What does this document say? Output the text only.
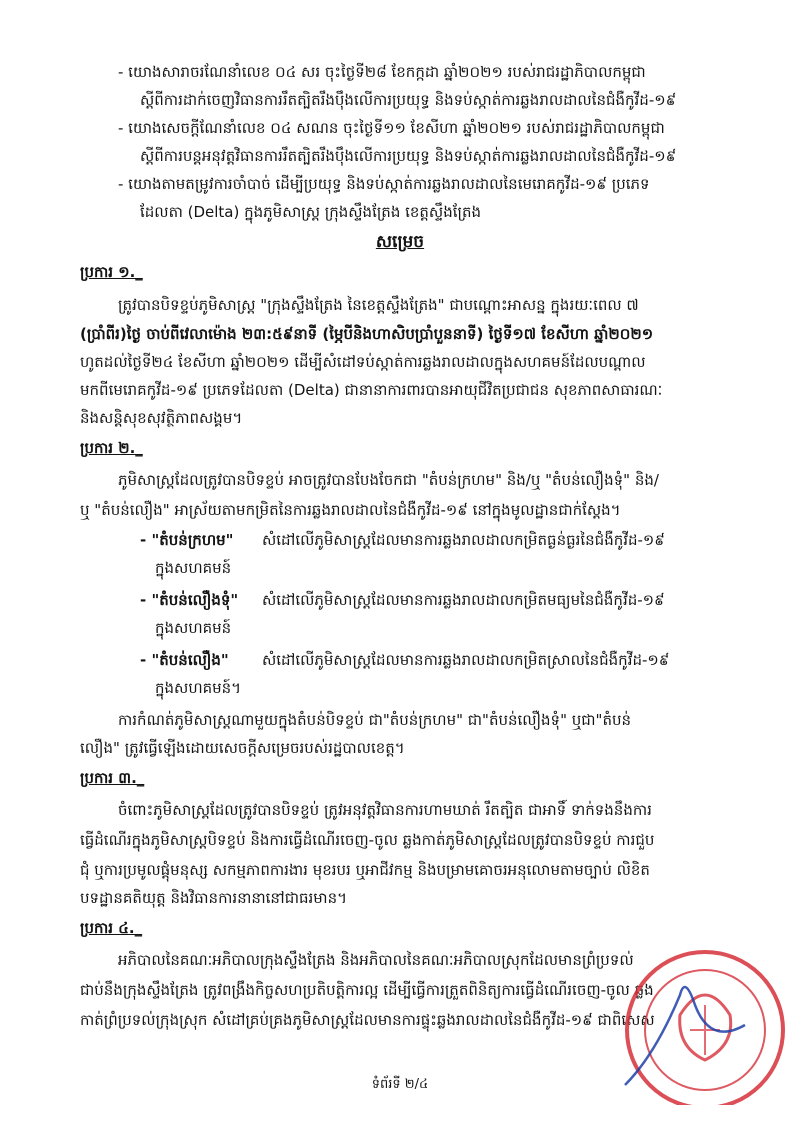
- យោងសារាចរណែនាំលេខ ០៤ សរ ចុះថ្ងៃទី២៨ ខែកក្កដា ឆ្នាំ២០២១ របស់រាជរដ្ឋាភិបាលកម្ពុជា
ស្តីពីការដាក់ចេញវិធានការរឹតត្បិតរឹងប៉ឹងលើការប្រយុទ្ធ និងទប់ស្កាត់ការឆ្លងរាលដាលនៃជំងឺកូវីដ-១៩
- យោងសេចក្តីណែនាំលេខ ០៤ សណន ចុះថ្ងៃទី១១ ខែសីហា ឆ្នាំ២០២១ របស់រាជរដ្ឋាភិបាលកម្ពុជា
ស្តីពីការបន្តអនុវត្តវិធានការរឹតត្បិតរឹងប៉ឹងលើការប្រយុទ្ធ និងទប់ស្កាត់ការឆ្លងរាលដាលនៃជំងឺកូវីដ-១៩
- យោងតាមតម្រូវការចាំបាច់ ដើម្បីប្រយុទ្ធ និងទប់ស្កាត់ការឆ្លងរាលដាលនៃមេរោគកូវីដ-១៩ ប្រភេទ
ដែលតា (Delta) ក្នុងភូមិសាស្ត្រ ក្រុងស្ទឹងត្រែង ខេត្តស្ទឹងត្រែង
សម្រេច
ប្រការ ១._
ត្រូវបានបិទខ្ទប់ភូមិសាស្ត្រ "ក្រុងស្ទឹងត្រែង នៃខេត្តស្ទឹងត្រែង" ជាបណ្តោះអាសន្ន ក្នុងរយៈពេល ៧
(ប្រាំពីរ)ថ្ងៃ ចាប់ពីវេលាម៉ោង ២៣:៥៩នាទី (ម្ភៃបីនិងហាសិបប្រាំបួននាទី) ថ្ងៃទី១៧ ខែសីហា ឆ្នាំ២០២១
ហូតដល់ថ្ងៃទី២៤ ខែសីហា ឆ្នាំ២០២១ ដើម្បីសំដៅទប់ស្កាត់ការឆ្លងរាលដាលក្នុងសហគមន៍ដែលបណ្តាល
មកពីមេរោគកូវីដ-១៩ ប្រភេទដែលតា (Delta) ជានានាការពារបានអាយុជីវិតប្រជាជន សុខភាពសាធារណៈ
និងសន្តិសុខសុវត្ថិភាពសង្គម។
ប្រការ ២._
ភូមិសាស្ត្រដែលត្រូវបានបិទខ្ទប់ អាចត្រូវបានបែងចែកជា "តំបន់ក្រហម" និង/ឬ "តំបន់លឿងទុំ" និង/
ឬ "តំបន់លឿង" អាស្រ័យតាមកម្រិតនៃការឆ្លងរាលដាលនៃជំងឺកូវីដ-១៩ នៅក្នុងមូលដ្ឋានជាក់ស្តែង។
- "តំបន់ក្រហម" សំដៅលើភូមិសាស្ត្រដែលមានការឆ្លងរាលដាលកម្រិតធ្ងន់ធ្ងរនៃជំងឺកូវីដ-១៩
ក្នុងសហគមន៍
- "តំបន់លឿងទុំ" សំដៅលើភូមិសាស្ត្រដែលមានការឆ្លងរាលដាលកម្រិតមធ្យមនៃជំងឺកូវីដ-១៩
ក្នុងសហគមន៍
- "តំបន់លឿង" សំដៅលើភូមិសាស្ត្រដែលមានការឆ្លងរាលដាលកម្រិតស្រាលនៃជំងឺកូវីដ-១៩
ក្នុងសហគមន៍។
ការកំណត់ភូមិសាស្ត្រណាមួយក្នុងតំបន់បិទខ្ទប់ ជា"តំបន់ក្រហម" ជា"តំបន់លឿងទុំ" ឬជា"តំបន់
លឿង" ត្រូវធ្វើឡើងដោយសេចក្តីសម្រេចរបស់រដ្ឋបាលខេត្ត។
ប្រការ ៣._
ចំពោះភូមិសាស្ត្រដែលត្រូវបានបិទខ្ទប់ ត្រូវអនុវត្តវិធានការហាមឃាត់ រឹតត្បិត ជាអាទិ៍ ទាក់ទងនឹងការ
ធ្វើដំណើរក្នុងភូមិសាស្ត្របិទខ្ទប់ និងការធ្វើដំណើរចេញ-ចូល ឆ្លងកាត់ភូមិសាស្ត្រដែលត្រូវបានបិទខ្ទប់ ការជួប
ជុំ ឬការប្រមូលផ្តុំមនុស្ស សកម្មភាពការងារ មុខរបរ ឬអាជីវកម្ម និងបម្រាមគោចរអនុលោមតាមច្បាប់ លិខិត
បទដ្ឋានគតិយុត្ត និងវិធានការនានានៅជាធរមាន។
ប្រការ ៤._
អភិបាលនៃគណៈអភិបាលក្រុងស្ទឹងត្រែង និងអភិបាលនៃគណៈអភិបាលស្រុកដែលមានព្រំប្រទល់
ជាប់នឹងក្រុងស្ទឹងត្រែង ត្រូវពង្រឹងកិច្ចសហប្រតិបត្តិការល្អ ដើម្បីធ្វើការត្រួតពិនិត្យការធ្វើដំណើរចេញ-ចូល ឆ្លង
កាត់ព្រំប្រទល់ក្រុងស្រុក សំដៅគ្រប់គ្រងភូមិសាស្ត្រដែលមានការផ្ទុះឆ្លងរាលដាលនៃជំងឺកូវីដ-១៩ ជាពិសេស
ទំព័រទី ២/៤
